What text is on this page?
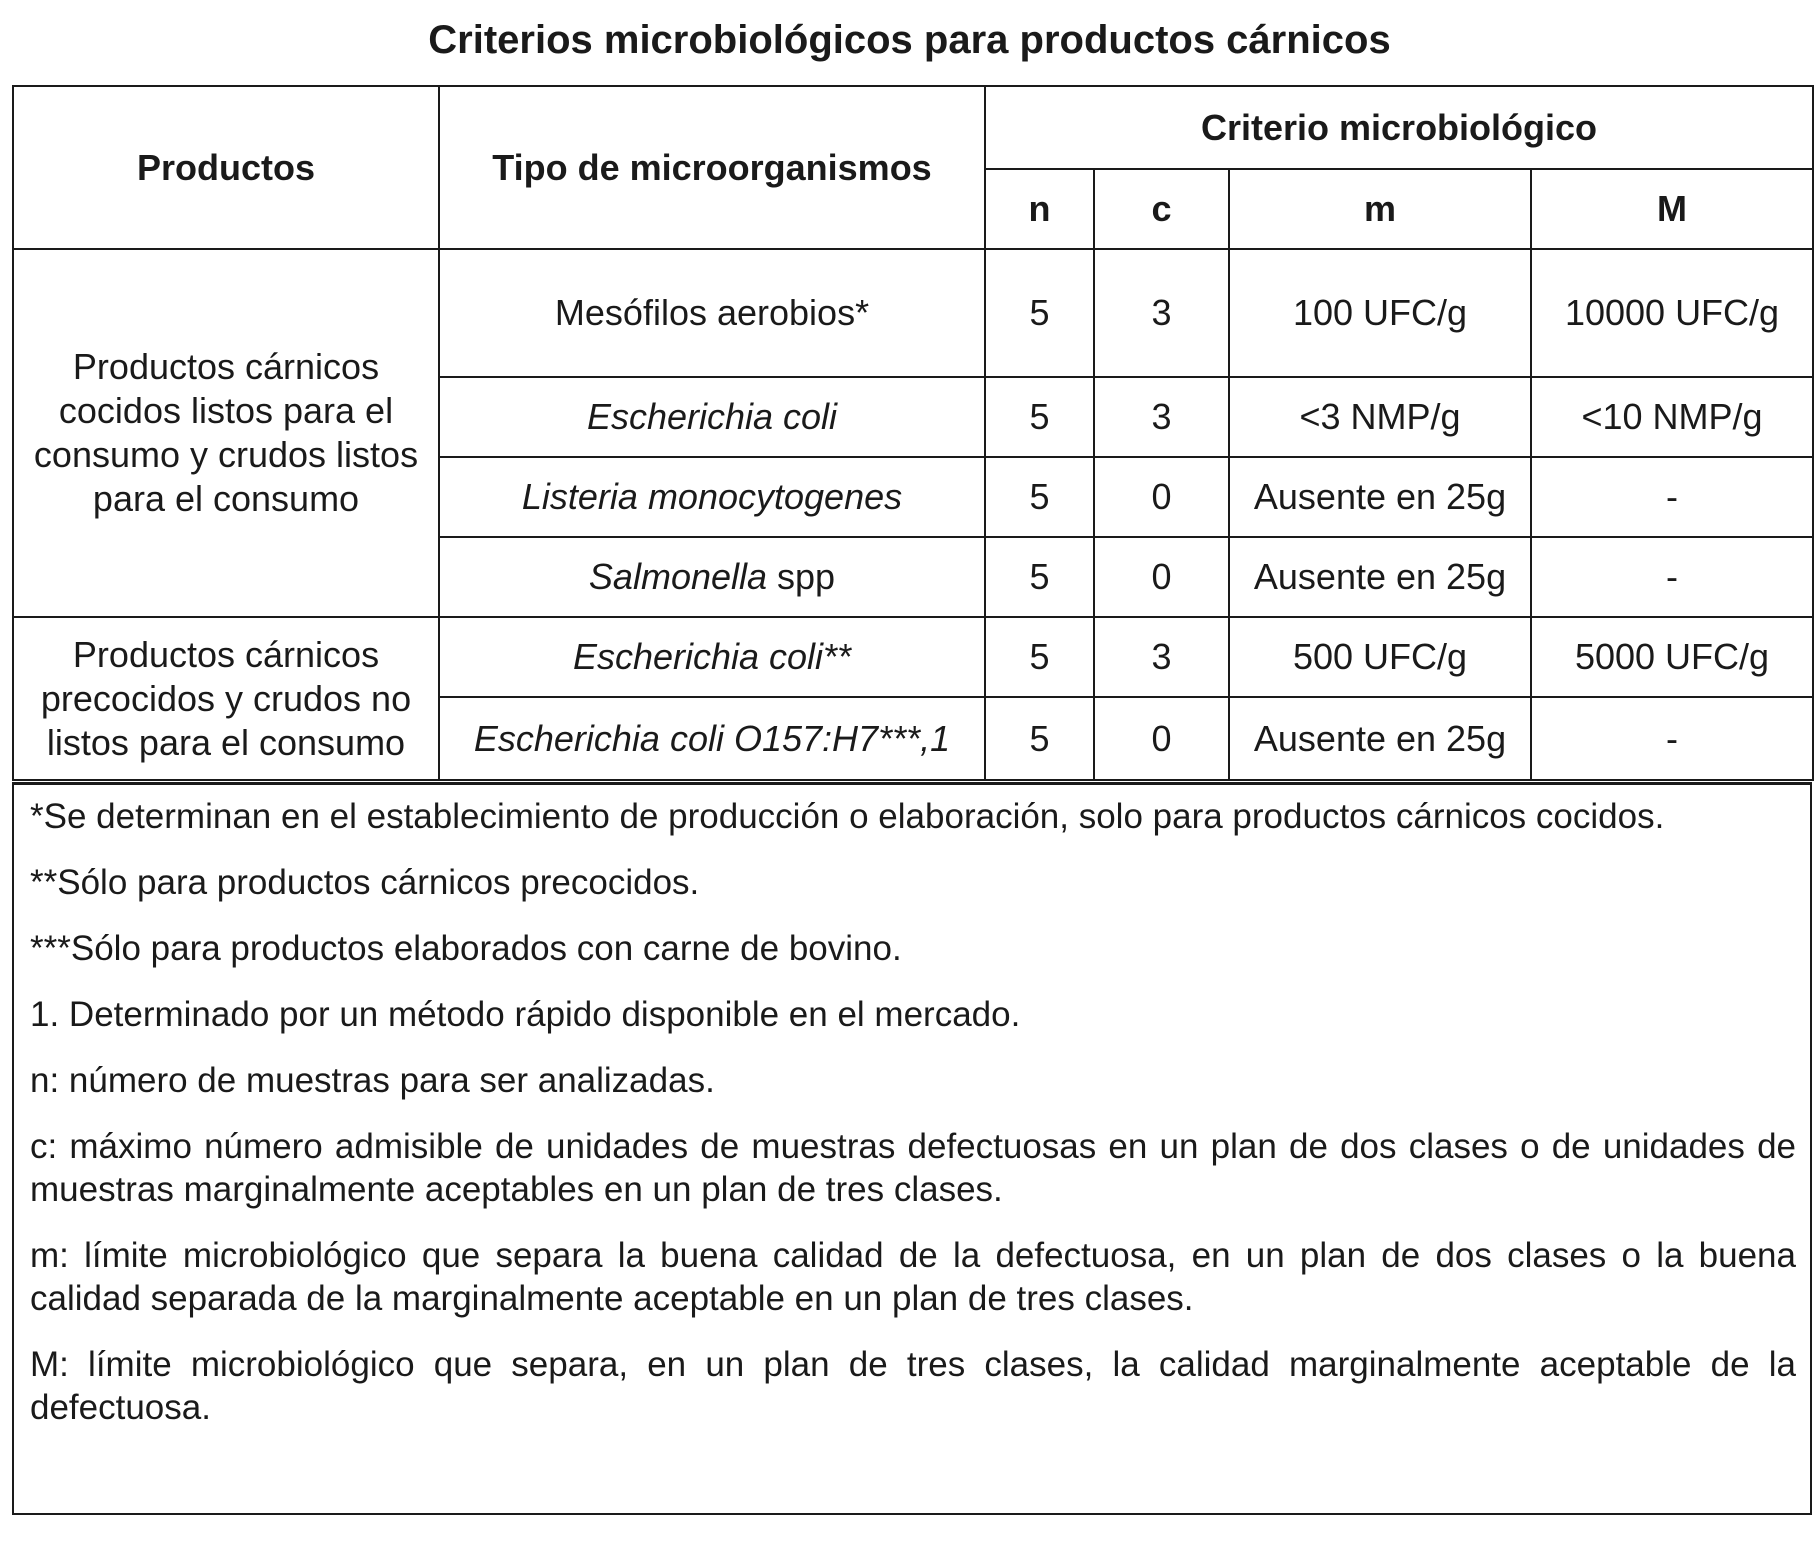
Criterios microbiológicos para productos cárnicos
Productos	Tipo de microorganismos	Criterio microbiológico			
		n	c	m	M
Productos cárnicos cocidos listos para el consumo y crudos listos para el consumo	Mesófilos aerobios*	5	3	100 UFC/g	10000 UFC/g
	Escherichia coli	5	3	<3 NMP/g	<10 NMP/g
	Listeria monocytogenes	5	0	Ausente en 25g	-
	Salmonella spp	5	0	Ausente en 25g	-
Productos cárnicos precocidos y crudos no listos para el consumo	Escherichia coli**	5	3	500 UFC/g	5000 UFC/g
	Escherichia coli O157:H7***,1	5	0	Ausente en 25g	-

*Se determinan en el establecimiento de producción o elaboración, solo para productos cárnicos cocidos.

**Sólo para productos cárnicos precocidos.

***Sólo para productos elaborados con carne de bovino.

1. Determinado por un método rápido disponible en el mercado.

n: número de muestras para ser analizadas.

c: máximo número admisible de unidades de muestras defectuosas en un plan de dos clases o de unidades de muestras marginalmente aceptables en un plan de tres clases.

m: límite microbiológico que separa la buena calidad de la defectuosa, en un plan de dos clases o la buena calidad separada de la marginalmente aceptable en un plan de tres clases.

M: límite microbiológico que separa, en un plan de tres clases, la calidad marginalmente aceptable de la defectuosa.
